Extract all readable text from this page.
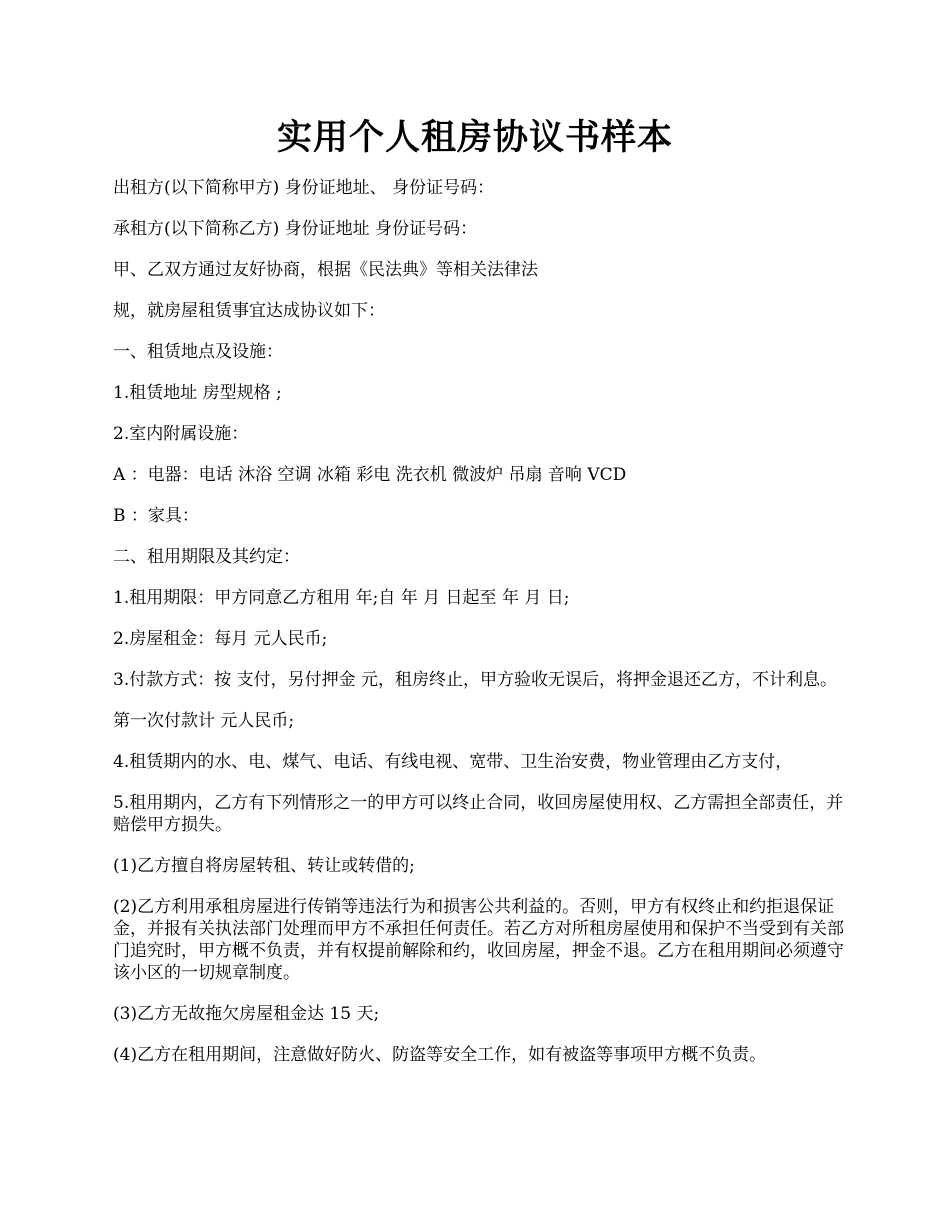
实用个人租房协议书样本

出租方(以下简称甲方) 身份证地址、 身份证号码：

承租方(以下简称乙方) 身份证地址 身份证号码：

甲、乙双方通过友好协商，根据《民法典》等相关法律法

规，就房屋租赁事宜达成协议如下：

一、租赁地点及设施：

1.租赁地址 房型规格 ;

2.室内附属设施：

A ：电器：电话 沐浴 空调 冰箱 彩电 洗衣机 微波炉 吊扇 音响 VCD

B ：家具：

二、租用期限及其约定：

1.租用期限：甲方同意乙方租用 年;自 年 月 日起至 年 月 日;

2.房屋租金：每月 元人民币;

3.付款方式：按 支付，另付押金 元，租房终止，甲方验收无误后，将押金退还乙方，不计利息。

第一次付款计 元人民币;

4.租赁期内的水、电、煤气、电话、有线电视、宽带、卫生治安费，物业管理由乙方支付，

5.租用期内，乙方有下列情形之一的甲方可以终止合同，收回房屋使用权、乙方需担全部责任，并赔偿甲方损失。

(1)乙方擅自将房屋转租、转让或转借的;

(2)乙方利用承租房屋进行传销等违法行为和损害公共利益的。否则，甲方有权终止和约拒退保证金，并报有关执法部门处理而甲方不承担任何责任。若乙方对所租房屋使用和保护不当受到有关部门追究时，甲方概不负责，并有权提前解除和约，收回房屋，押金不退。乙方在租用期间必须遵守该小区的一切规章制度。

(3)乙方无故拖欠房屋租金达 15 天;

(4)乙方在租用期间，注意做好防火、防盗等安全工作，如有被盗等事项甲方概不负责。
